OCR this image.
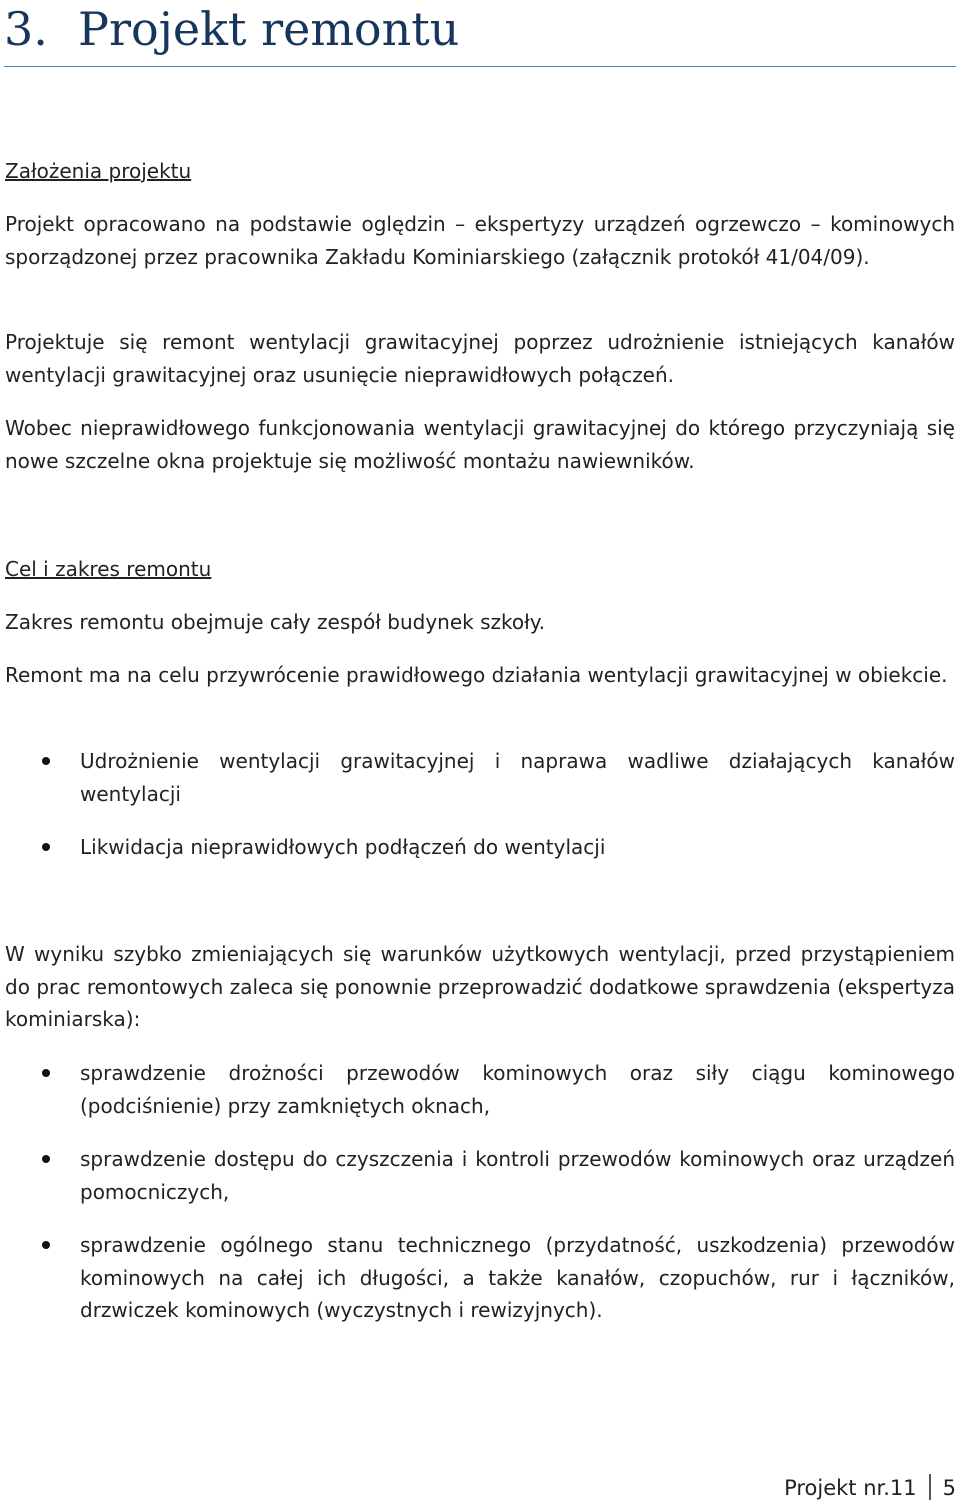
3. Projekt remontu

Założenia projektu

Projekt opracowano na podstawie oględzin – ekspertyzy urządzeń ogrzewczo – kominowych sporządzonej przez pracownika Zakładu Kominiarskiego (załącznik protokół 41/04/09).

Projektuje się remont wentylacji grawitacyjnej poprzez udrożnienie istniejących kanałów wentylacji grawitacyjnej oraz usunięcie nieprawidłowych połączeń.

Wobec nieprawidłowego funkcjonowania wentylacji grawitacyjnej do którego przyczyniają się nowe szczelne okna projektuje się możliwość montażu nawiewników.

Cel i zakres remontu

Zakres remontu obejmuje cały zespół budynek szkoły.

Remont ma na celu przywrócenie prawidłowego działania wentylacji grawitacyjnej w obiekcie.

Udrożnienie wentylacji grawitacyjnej i naprawa wadliwe działających kanałów wentylacji
Likwidacja nieprawidłowych podłączeń do wentylacji

W wyniku szybko zmieniających się warunków użytkowych wentylacji, przed przystąpieniem do prac remontowych zaleca się ponownie przeprowadzić dodatkowe sprawdzenia (ekspertyza kominiarska):

sprawdzenie drożności przewodów kominowych oraz siły ciągu kominowego (podciśnienie) przy zamkniętych oknach,
sprawdzenie dostępu do czyszczenia i kontroli przewodów kominowych oraz urządzeń pomocniczych,
sprawdzenie ogólnego stanu technicznego (przydatność, uszkodzenia) przewodów kominowych na całej ich długości, a także kanałów, czopuchów, rur i łączników, drzwiczek kominowych (wyczystnych i rewizyjnych).
Projekt nr.11 5
